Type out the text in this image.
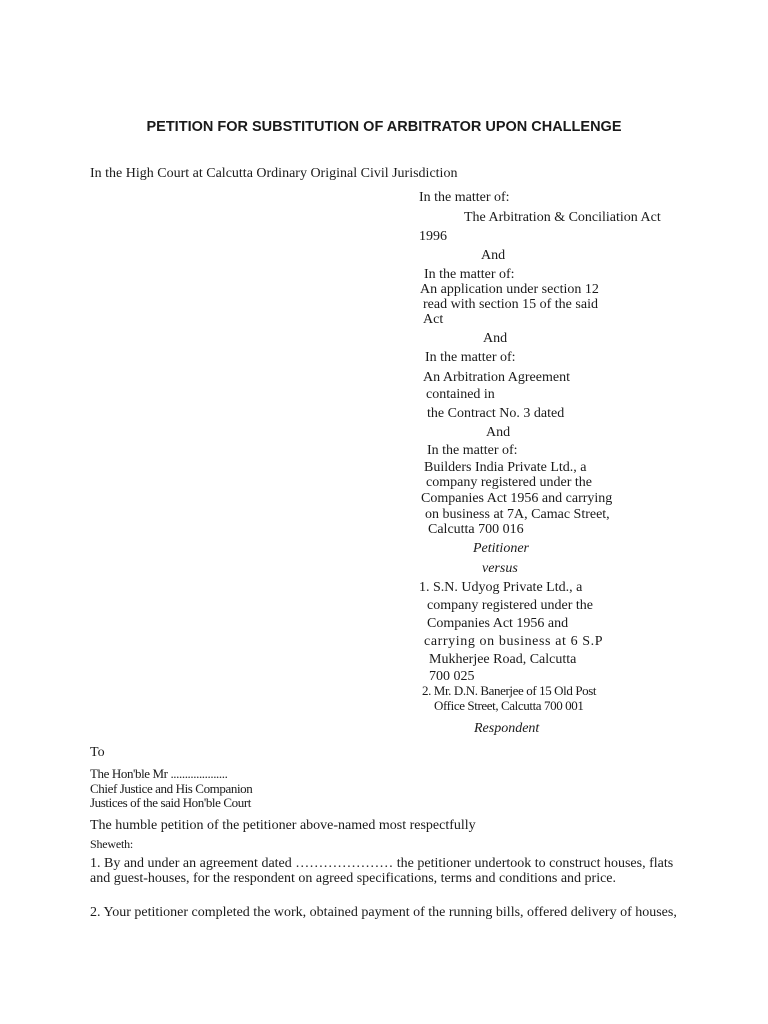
PETITION FOR SUBSTITUTION OF ARBITRATOR UPON CHALLENGE
In the High Court at Calcutta Ordinary Original Civil Jurisdiction
In the matter of:
The Arbitration & Conciliation Act
1996
And
In the matter of:
An application under section 12
read with section 15 of the said
Act
And
In the matter of:
An Arbitration Agreement
contained in
the Contract No. 3 dated
And
In the matter of:
Builders India Private Ltd., a
company registered under the
Companies Act 1956 and carrying
on business at 7A, Camac Street,
Calcutta 700 016
Petitioner
versus
1. S.N. Udyog Private Ltd., a
company registered under the
Companies Act 1956 and
carrying on business at 6 S.P
Mukherjee Road, Calcutta
700 025
2. Mr. D.N. Banerjee of 15 Old Post
Office Street, Calcutta 700 001
Respondent
To
The Hon'ble Mr ....................
Chief Justice and His Companion
Justices of the said Hon'ble Court
The humble petition of the petitioner above-named most respectfully
Sheweth:
1. By and under an agreement dated ………………… the petitioner undertook to construct houses, flats and guest-houses, for the respondent on agreed specifications, terms and conditions and price.
2. Your petitioner completed the work, obtained payment of the running bills, offered delivery of houses,
